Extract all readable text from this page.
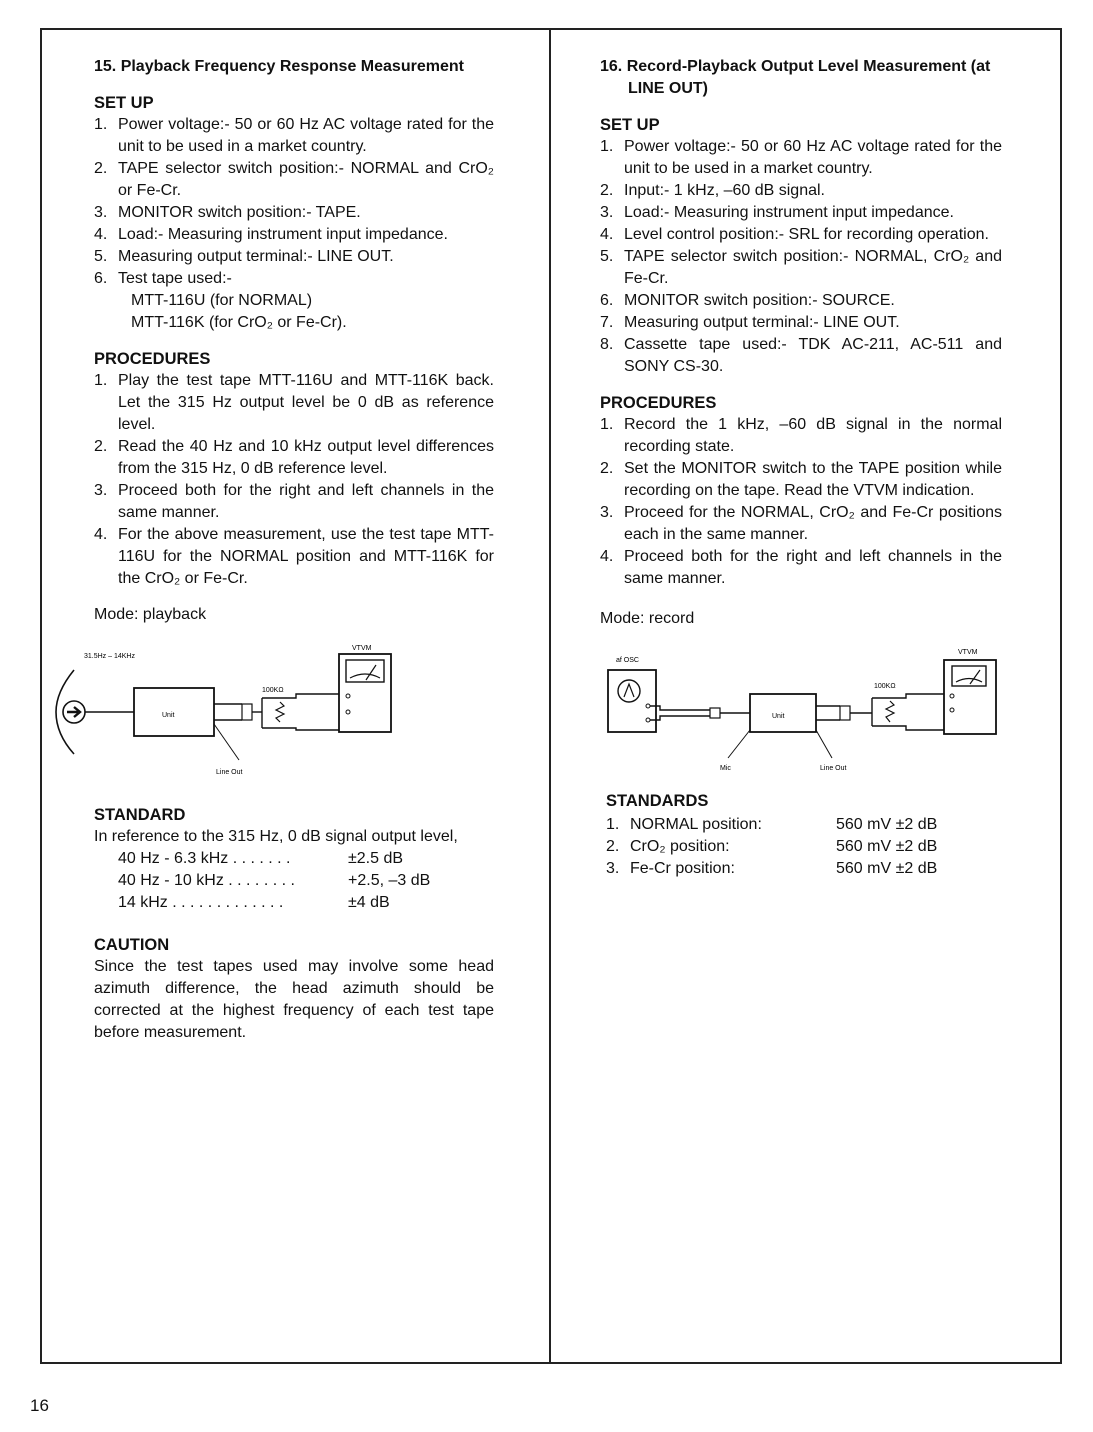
15. Playback Frequency Response Measurement

SET UP

1. Power voltage:- 50 or 60 Hz AC voltage rated for the unit to be used in a market country.
2. TAPE selector switch position:- NORMAL and CrO₂ or Fe-Cr.
3. MONITOR switch position:- TAPE.
4. Load:- Measuring instrument input impedance.
5. Measuring output terminal:- LINE OUT.
6. Test tape used:-
MTT-116U (for NORMAL)
MTT-116K (for CrO₂ or Fe-Cr).

PROCEDURES

1. Play the test tape MTT-116U and MTT-116K back. Let the 315 Hz output level be 0 dB as reference level.
2. Read the 40 Hz and 10 kHz output level differences from the 315 Hz, 0 dB reference level.
3. Proceed both for the right and left channels in the same manner.
4. For the above measurement, use the test tape MTT-116U for the NORMAL position and MTT-116K for the CrO₂ or Fe-Cr.

Mode: playback

31.5Hz – 14KHz
VTVM
Unit
100KΩ
Line Out

STANDARD

In reference to the 315 Hz, 0 dB signal output level,

40 Hz - 6.3 kHz . . . . . . .	±2.5 dB
40 Hz - 10 kHz . . . . . . . .	+2.5, –3 dB
14 kHz . . . . . . . . . . . . .	±4 dB

CAUTION

Since the test tapes used may involve some head azimuth difference, the head azimuth should be corrected at the highest frequency of each test tape before measurement.

16. Record-Playback Output Level Measurement (at LINE OUT)

SET UP

1. Power voltage:- 50 or 60 Hz AC voltage rated for the unit to be used in a market country.
2. Input:- 1 kHz, –60 dB signal.
3. Load:- Measuring instrument input impedance.
4. Level control position:- SRL for recording operation.
5. TAPE selector switch position:- NORMAL, CrO₂ and Fe-Cr.
6. MONITOR switch position:- SOURCE.
7. Measuring output terminal:- LINE OUT.
8. Cassette tape used:- TDK AC-211, AC-511 and SONY CS-30.

PROCEDURES

1. Record the 1 kHz, –60 dB signal in the normal recording state.
2. Set the MONITOR switch to the TAPE position while recording on the tape. Read the VTVM indication.
3. Proceed for the NORMAL, CrO₂ and Fe-Cr positions each in the same manner.
4. Proceed both for the right and left channels in the same manner.

Mode: record

af OSC
VTVM
Unit
100KΩ
Mic	Line Out

STANDARDS

1. NORMAL position:	560 mV ±2 dB
2. CrO₂ position:	560 mV ±2 dB
3. Fe-Cr position:	560 mV ±2 dB
16
